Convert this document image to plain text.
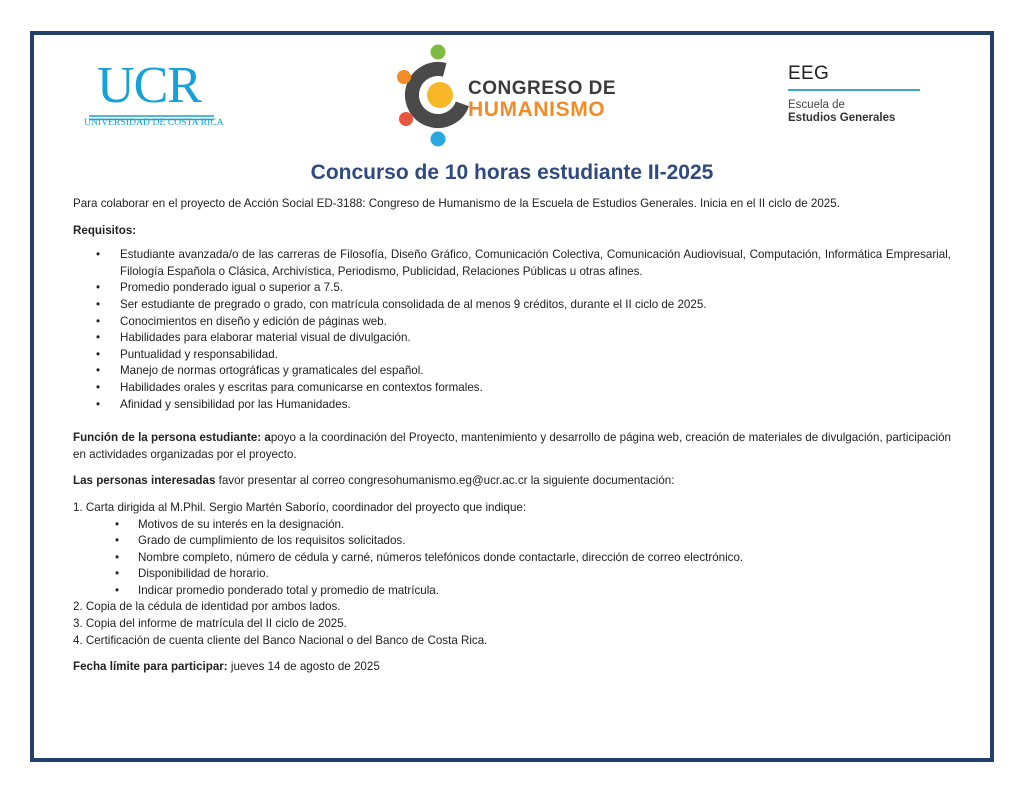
UCR
UNIVERSIDAD DE COSTA RICA
CONGRESO DE
HUMANISMO
EEG
Escuela de
Estudios Generales
Concurso de 10 horas estudiante II-2025

Para colaborar en el proyecto de Acción Social ED-3188: Congreso de Humanismo de la Escuela de Estudios Generales. Inicia en el II ciclo de 2025.

Requisitos:

• Estudiante avanzada/o de las carreras de Filosofía, Diseño Gráfico, Comunicación Colectiva, Comunicación Audiovisual, Computación, Informática Empresarial, Filología Española o Clásica, Archivística, Periodismo, Publicidad, Relaciones Públicas u otras afines.
• Promedio ponderado igual o superior a 7.5.
• Ser estudiante de pregrado o grado, con matrícula consolidada de al menos 9 créditos, durante el II ciclo de 2025.
• Conocimientos en diseño y edición de páginas web.
• Habilidades para elaborar material visual de divulgación.
• Puntualidad y responsabilidad.
• Manejo de normas ortográficas y gramaticales del español.
• Habilidades orales y escritas para comunicarse en contextos formales.
• Afinidad y sensibilidad por las Humanidades.

Función de la persona estudiante: apoyo a la coordinación del Proyecto, mantenimiento y desarrollo de página web, creación de materiales de divulgación, participación en actividades organizadas por el proyecto.

Las personas interesadas favor presentar al correo congresohumanismo.eg@ucr.ac.cr la siguiente documentación:

1. Carta dirigida al M.Phil. Sergio Martén Saborío, coordinador del proyecto que indique:

• Motivos de su interés en la designación.
• Grado de cumplimiento de los requisitos solicitados.
• Nombre completo, número de cédula y carné, números telefónicos donde contactarle, dirección de correo electrónico.
• Disponibilidad de horario.
• Indicar promedio ponderado total y promedio de matrícula.

2. Copia de la cédula de identidad por ambos lados.

3. Copia del informe de matrícula del II ciclo de 2025.

4. Certificación de cuenta cliente del Banco Nacional o del Banco de Costa Rica.

Fecha límite para participar: jueves 14 de agosto de 2025
